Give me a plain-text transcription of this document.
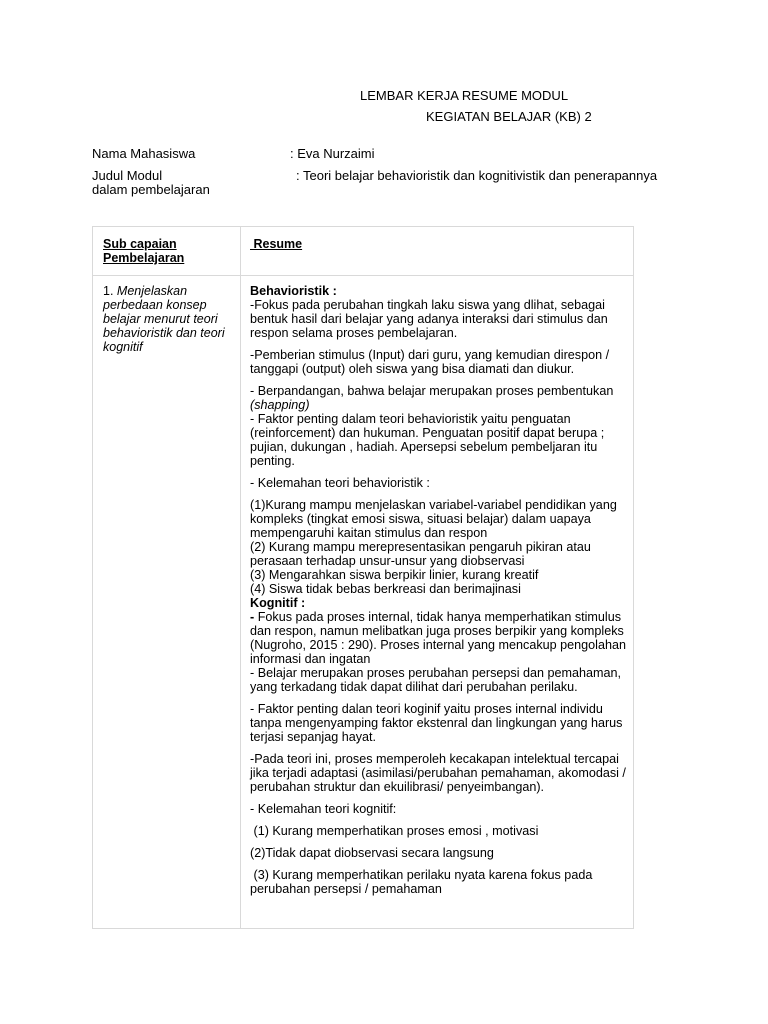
LEMBAR KERJA RESUME MODUL
KEGIATAN BELAJAR (KB) 2
Nama Mahasiswa	: Eva Nurzaimi
Judul Modul
dalam pembelajaran
: Teori belajar behavioristik dan kognitivistik dan penerapannya
Sub capaian
Pembelajaran
Resume
1. Menjelaskan perbedaan konsep belajar menurut teori behavioristik dan teori kognitif
Behavioristik :
-Fokus pada perubahan tingkah laku siswa yang dlihat, sebagai bentuk hasil dari belajar yang adanya interaksi dari stimulus dan respon selama proses pembelajaran.
-Pemberian stimulus (Input) dari guru, yang kemudian direspon / tanggapi (output) oleh siswa yang bisa diamati dan diukur.
- Berpandangan, bahwa belajar merupakan proses pembentukan (shapping)
- Faktor penting dalam teori behavioristik yaitu penguatan (reinforcement) dan hukuman. Penguatan positif dapat berupa ; pujian, dukungan , hadiah. Apersepsi sebelum pembeljaran itu penting.
- Kelemahan teori behavioristik :
(1)Kurang mampu menjelaskan variabel-variabel pendidikan yang kompleks (tingkat emosi siswa, situasi belajar) dalam uapaya mempengaruhi kaitan stimulus dan respon
(2) Kurang mampu merepresentasikan pengaruh pikiran atau perasaan terhadap unsur-unsur yang diobservasi
(3) Mengarahkan siswa berpikir linier, kurang kreatif
(4) Siswa tidak bebas berkreasi dan berimajinasi
Kognitif :
- Fokus pada proses internal, tidak hanya memperhatikan stimulus dan respon, namun melibatkan juga proses berpikir yang kompleks (Nugroho, 2015 : 290). Proses internal yang mencakup pengolahan informasi dan ingatan
- Belajar merupakan proses perubahan persepsi dan pemahaman, yang terkadang tidak dapat dilihat dari perubahan perilaku.
- Faktor penting dalan teori koginif yaitu proses internal individu tanpa mengenyamping faktor ekstenral dan lingkungan yang harus terjasi sepanjag hayat.
-Pada teori ini, proses memperoleh kecakapan intelektual tercapai jika terjadi adaptasi (asimilasi/perubahan pemahaman, akomodasi / perubahan struktur dan ekuilibrasi/ penyeimbangan).
- Kelemahan teori kognitif:
(1) Kurang memperhatikan proses emosi , motivasi
(2)Tidak dapat diobservasi secara langsung
(3) Kurang memperhatikan perilaku nyata karena fokus pada perubahan persepsi / pemahaman
